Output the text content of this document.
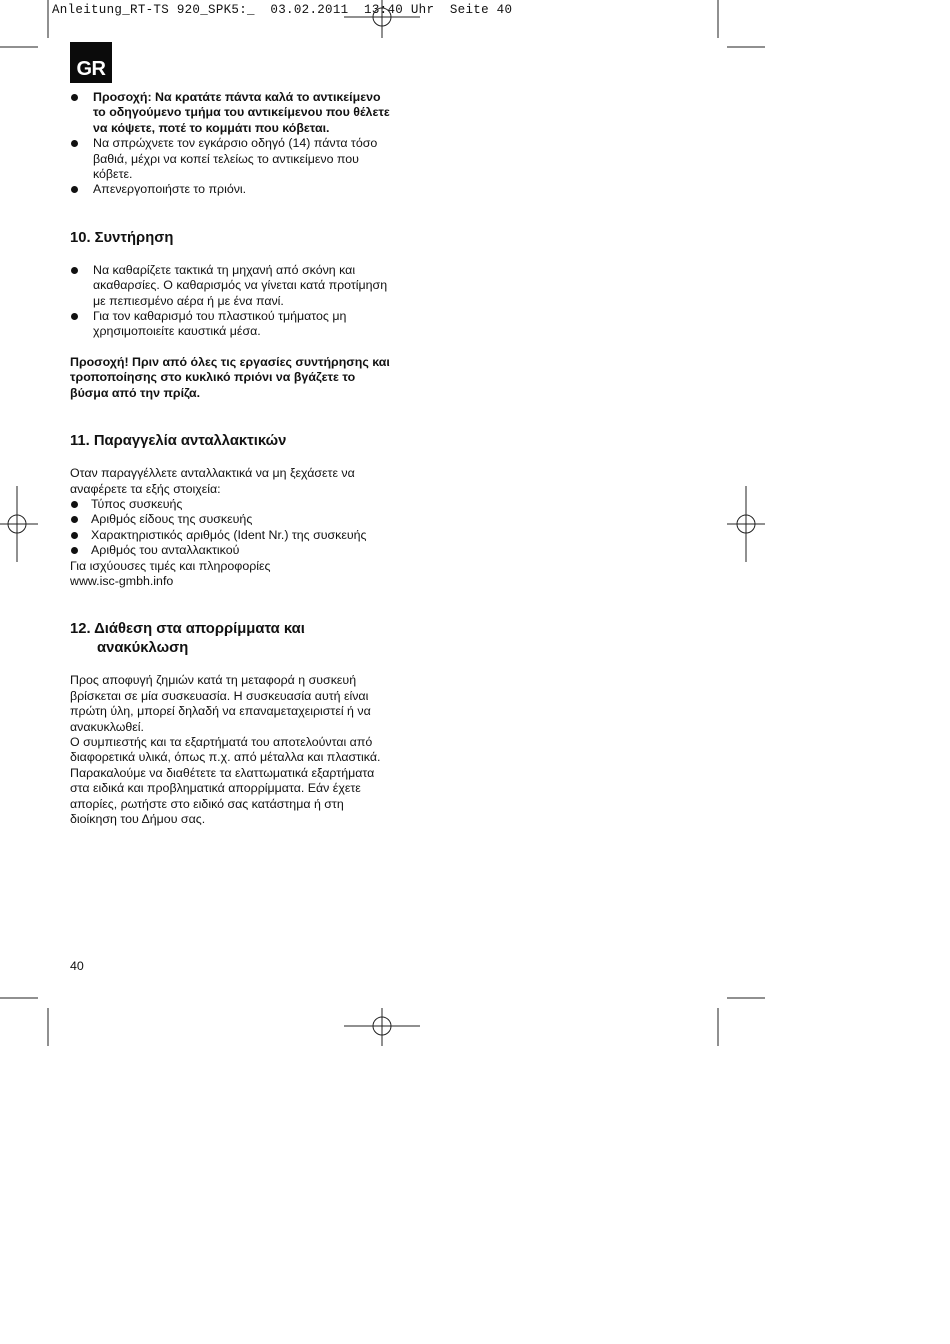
Anleitung_RT-TS 920_SPK5:_  03.02.2011  13:40 Uhr  Seite 40
GR
Προσοχή: Να κρατάτε πάντα καλά το αντικείμενο το οδηγούμενο τμήμα του αντικείμενου που θέλετε να κόψετε, ποτέ το κομμάτι που κόβεται.
Να σπρώχνετε τον εγκάρσιο οδηγό (14) πάντα τόσο βαθιά, μέχρι να κοπεί τελείως το αντικείμενο που κόβετε.
Απενεργοποιήστε το πριόνι.
10. Συντήρηση
Να καθαρίζετε τακτικά τη μηχανή από σκόνη και ακαθαρσίες. Ο καθαρισμός να γίνεται κατά προτίμηση με πεπιεσμένο αέρα ή με ένα πανί.
Για τον καθαρισμό του πλαστικού τμήματος μη χρησιμοποιείτε καυστικά μέσα.

Προσοχή! Πριν από όλες τις εργασίες συντήρησης και τροποποίησης στο κυκλικό πριόνι να βγάζετε το βύσμα από την πρίζα.

11. Παραγγελία ανταλλακτικών

Οταν παραγγέλλετε ανταλλακτικά να μη ξεχάσετε να αναφέρετε τα εξής στοιχεία:

Τύπος συσκευής
Αριθμός είδους της συσκευής
Χαρακτηριστικός αριθμός (Ident Nr.) της συσκευής
Αριθμός του ανταλλακτικού

Για ισχύουσες τιμές και πληροφορίες

www.isc-gmbh.info

12. Διάθεση στα απορρίμματα και
ανακύκλωση

Προς αποφυγή ζημιών κατά τη μεταφορά η συσκευή βρίσκεται σε μία συσκευασία. Η συσκευασία αυτή είναι πρώτη ύλη, μπορεί δηλαδή να επαναμεταχειριστεί ή να ανακυκλωθεί.

Ο συμπιεστής και τα εξαρτήματά του αποτελούνται από διαφορετικά υλικά, όπως π.χ. από μέταλλα και πλαστικά. Παρακαλούμε να διαθέτετε τα ελαττωματικά εξαρτήματα στα ειδικά και προβληματικά απορρίμματα. Εάν έχετε απορίες, ρωτήστε στο ειδικό σας κατάστημα ή στη διοίκηση του Δήμου σας.

40
